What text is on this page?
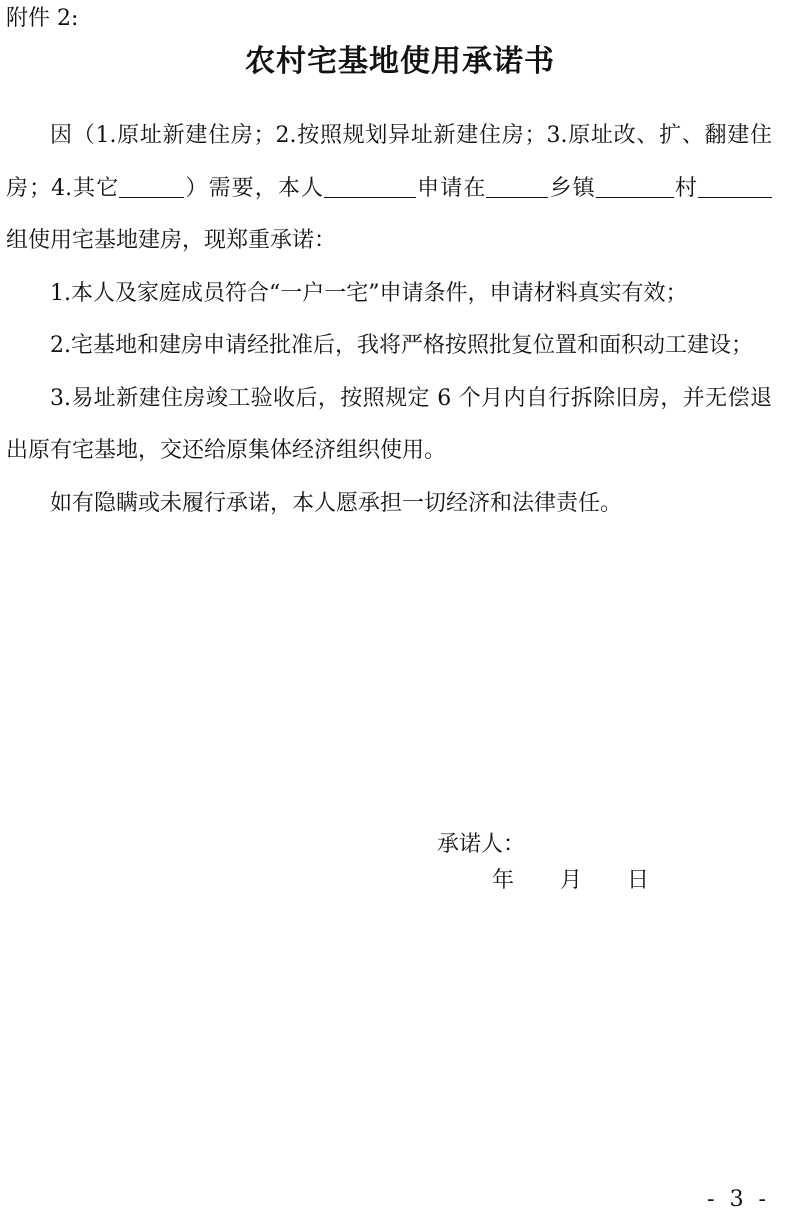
附件 2:
农村宅基地使用承诺书

因（1.原址新建住房；2.按照规划异址新建住房；3.原址改、扩、翻建住房；4.其它	）需要，本人	申请在	乡镇	村组使用宅基地建房，现郑重承诺：

1.本人及家庭成员符合“一户一宅”申请条件，申请材料真实有效；

2.宅基地和建房申请经批准后，我将严格按照批复位置和面积动工建设；

3.易址新建住房竣工验收后，按照规定 6 个月内自行拆除旧房，并无偿退出原有宅基地，交还给原集体经济组织使用。

如有隐瞒或未履行承诺，本人愿承担一切经济和法律责任。

承诺人：
年 月 日
- 3 -
